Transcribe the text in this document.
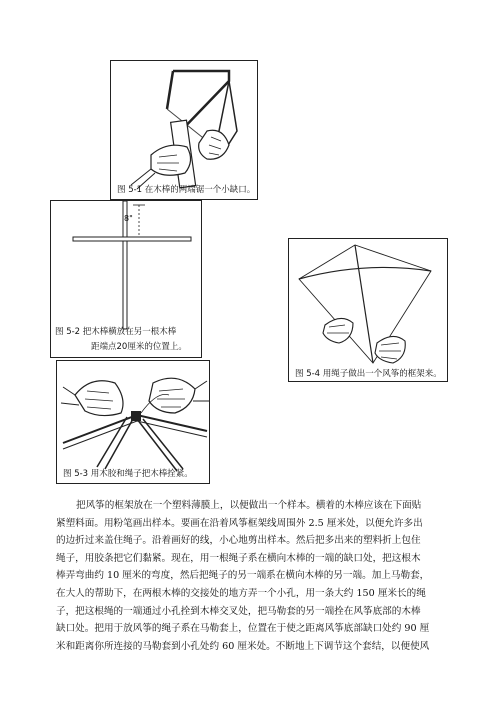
图 5-1 在木棒的两端锯一个小缺口。
8"
图 5-2 把木棒横放在另一根木棒
距端点20厘米的位置上。
图 5-3 用木胶和绳子把木棒拴紧。
图 5-4 用绳子做出一个风筝的框架来。
把风筝的框架放在一个塑料薄膜上，以便做出一个样本。横着的木棒应该在下面贴
紧塑料面。用粉笔画出样本。要画在沿着风筝框架线周围外 2.5 厘米处，以便允许多出
的边折过来盖住绳子。沿着画好的线，小心地剪出样本。然后把多出来的塑料折上包住
绳子，用胶条把它们黏紧。现在，用一根绳子系在横向木棒的一端的缺口处，把这根木
棒弄弯曲约 10 厘米的弯度，然后把绳子的另一端系在横向木棒的另一端。加上马勒套，
在大人的帮助下，在两根木棒的交接处的地方弄一个小孔，用一条大约 150 厘米长的绳
子，把这根绳的一端通过小孔拴到木棒交叉处，把马勒套的另一端拴在风筝底部的木棒
缺口处。把用于放风筝的绳子系在马勒套上，位置在于使之距离风筝底部缺口处约 90 厘
米和距离你所连接的马勒套到小孔处约 60 厘米处。不断地上下调节这个套结，以便使风
